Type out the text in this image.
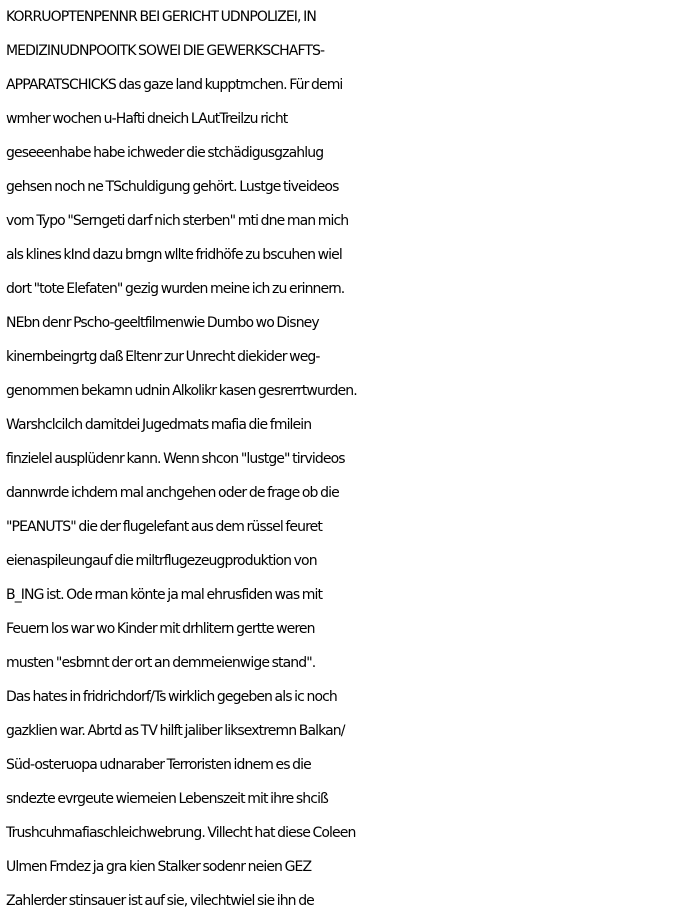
KORRUOPTENPENNR BEI GERICHT UDNPOLIZEI, IN
MEDIZINUDNPOOITK SOWEI DIE GEWERKSCHAFTS-
APPARATSCHICKS das gaze land kupptmchen. Für demi
wmher wochen u-Hafti dneich LAutTreilzu richt
geseeenhabe habe ichweder die stchädigusgzahlug
gehsen noch ne TSchuldigung gehört. Lustge tiveideos
vom Typo "Serngeti darf nich sterben" mti dne man mich
als klines kInd dazu brngn wllte fridhöfe zu bscuhen wiel
dort "tote Elefaten" gezig wurden meine ich zu erinnern.
NEbn denr Pscho-geeltfilmenwie Dumbo wo Disney
kinernbeingrtg daß Eltenr zur Unrecht diekider weg-
genommen bekamn udnin Alkolikr kasen gesrerrtwurden.
Warshclcilch damitdei Jugedmats mafia die fmilein
finzielel ausplüdenr kann. Wenn shcon "lustge" tirvideos
dannwrde ichdem mal anchgehen oder de frage ob die
"PEANUTS" die der flugelefant aus dem rüssel feuret
eienaspileungauf die miltrflugezeugproduktion von
B_ING ist. Ode rman könte ja mal ehrusfiden was mit
Feuern los war wo Kinder mit drhlitern gertte weren
musten "esbrnnt der ort an demmeienwige stand".
Das hates in fridrichdorf/Ts wirklich gegeben als ic noch
gazklien war. Abrtd as TV hilft jaliber liksextremn Balkan/
Süd-osteruopa udnaraber Terroristen idnem es die
sndezte evrgeute wiemeien Lebenszeit mit ihre shciß
Trushcuhmafiaschleichwebrung. Villecht hat diese Coleen
Ulmen Frndez ja gra kien Stalker sodenr neien GEZ
Zahlerder stinsauer ist auf sie, vilechtwiel sie ihn de
